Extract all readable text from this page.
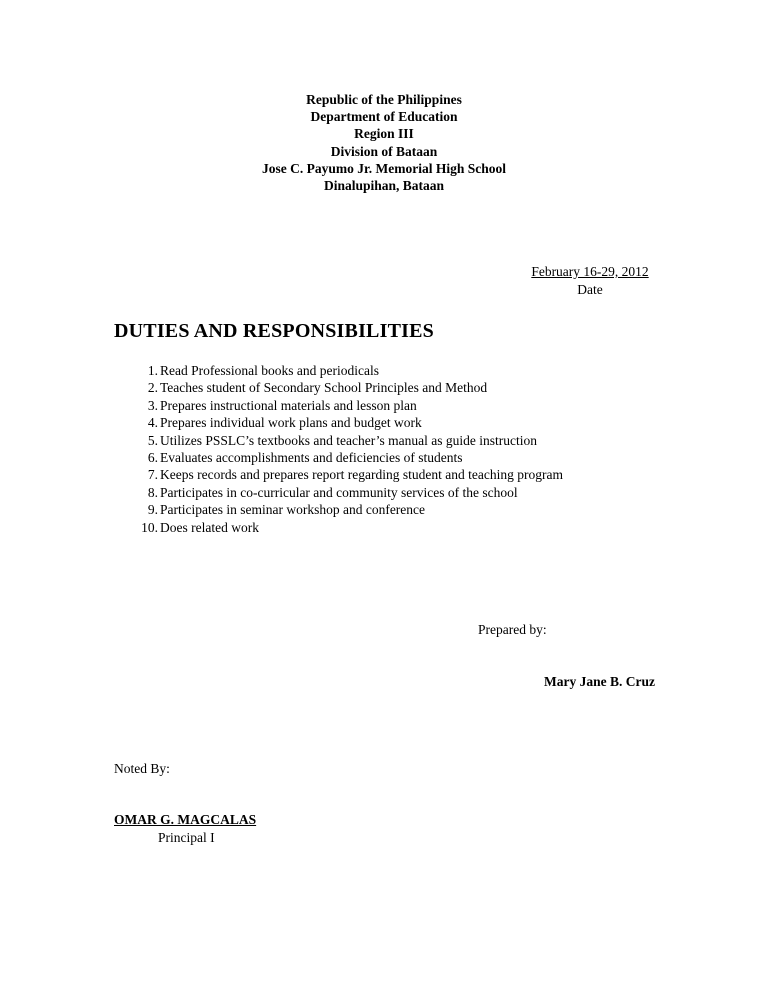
Republic of the Philippines
Department of Education
Region III
Division of Bataan
Jose C. Payumo Jr. Memorial High School
Dinalupihan, Bataan
February 16-29, 2012
Date
DUTIES AND RESPONSIBILITIES
1. Read Professional books and periodicals
2. Teaches student of Secondary School Principles and Method
3. Prepares instructional materials and lesson plan
4. Prepares individual work plans and budget work
5. Utilizes PSSLC’s textbooks and teacher’s manual as guide instruction
6. Evaluates accomplishments and deficiencies of students
7. Keeps records and prepares report regarding student and teaching program
8. Participates in co-curricular and community services of the school
9. Participates in seminar workshop and conference
10. Does related work
Prepared by:
Mary Jane B. Cruz
Noted By:
OMAR G. MAGCALAS
Principal I
